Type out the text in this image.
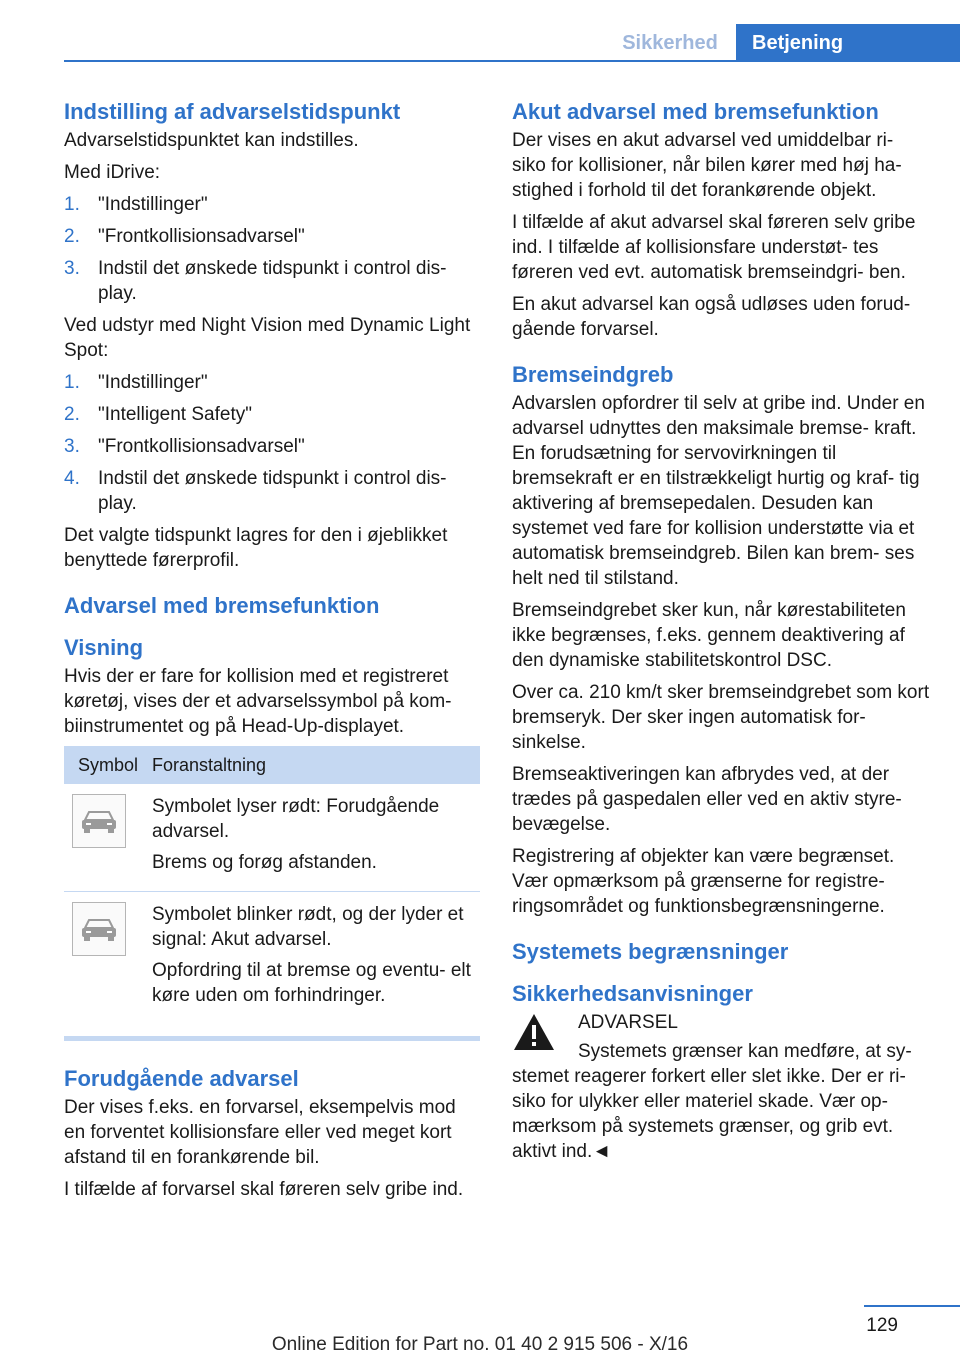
Sikkerhed	Betjening
Indstilling af advarselstidspunkt

Advarselstidspunktet kan indstilles.

Med iDrive:

1. "Indstillinger"
2. "Frontkollisionsadvarsel"
3. Indstil det ønskede tidspunkt i control dis‐ play.

Ved udstyr med Night Vision med Dynamic Light Spot:

1. "Indstillinger"
2. "Intelligent Safety"
3. "Frontkollisionsadvarsel"
4. Indstil det ønskede tidspunkt i control dis‐ play.

Det valgte tidspunkt lagres for den i øjeblikket benyttede førerprofil.

Advarsel med bremsefunktion
Visning

Hvis der er fare for kollision med et registreret køretøj, vises der et advarselssymbol på kom‐ biinstrumentet og på Head-Up-displayet.

Symbol Foranstaltning

Symbolet lyser rødt: Forudgående advarsel.

Brems og forøg afstanden.

Symbolet blinker rødt, og der lyder et signal: Akut advarsel.

Opfordring til at bremse og eventu‐ elt køre uden om forhindringer.

Forudgående advarsel

Der vises f.eks. en forvarsel, eksempelvis mod en forventet kollisionsfare eller ved meget kort afstand til en forankørende bil.

I tilfælde af forvarsel skal føreren selv gribe ind.

Akut advarsel med bremsefunktion

Der vises en akut advarsel ved umiddelbar ri‐ siko for kollisioner, når bilen kører med høj ha‐ stighed i forhold til det forankørende objekt.

I tilfælde af akut advarsel skal føreren selv gribe ind. I tilfælde af kollisionsfare understøt‐ tes føreren ved evt. automatisk bremseindgri‐ ben.

En akut advarsel kan også udløses uden forud‐ gående forvarsel.

Bremseindgreb

Advarslen opfordrer til selv at gribe ind. Under en advarsel udnyttes den maksimale bremse‐ kraft. En forudsætning for servovirkningen til bremsekraft er en tilstrækkeligt hurtig og kraf‐ tig aktivering af bremsepedalen. Desuden kan systemet ved fare for kollision understøtte via et automatisk bremseindgreb. Bilen kan brem‐ ses helt ned til stilstand.

Bremseindgrebet sker kun, når kørestabiliteten ikke begrænses, f.eks. gennem deaktivering af den dynamiske stabilitetskontrol DSC.

Over ca. 210 km/t sker bremseindgrebet som kort bremseryk. Der sker ingen automatisk for‐ sinkelse.

Bremseaktiveringen kan afbrydes ved, at der trædes på gaspedalen eller ved en aktiv styre‐ bevægelse.

Registrering af objekter kan være begrænset. Vær opmærksom på grænserne for registre‐ ringsområdet og funktionsbegrænsningerne.

Systemets begrænsninger
Sikkerhedsanvisninger

ADVARSEL

Systemets grænser kan medføre, at sy‐ stemet reagerer forkert eller slet ikke. Der er ri‐ siko for ulykker eller materiel skade. Vær op‐ mærksom på systemets grænser, og grib evt. aktivt ind.◄

129
Online Edition for Part no. 01 40 2 915 506 - X/16
